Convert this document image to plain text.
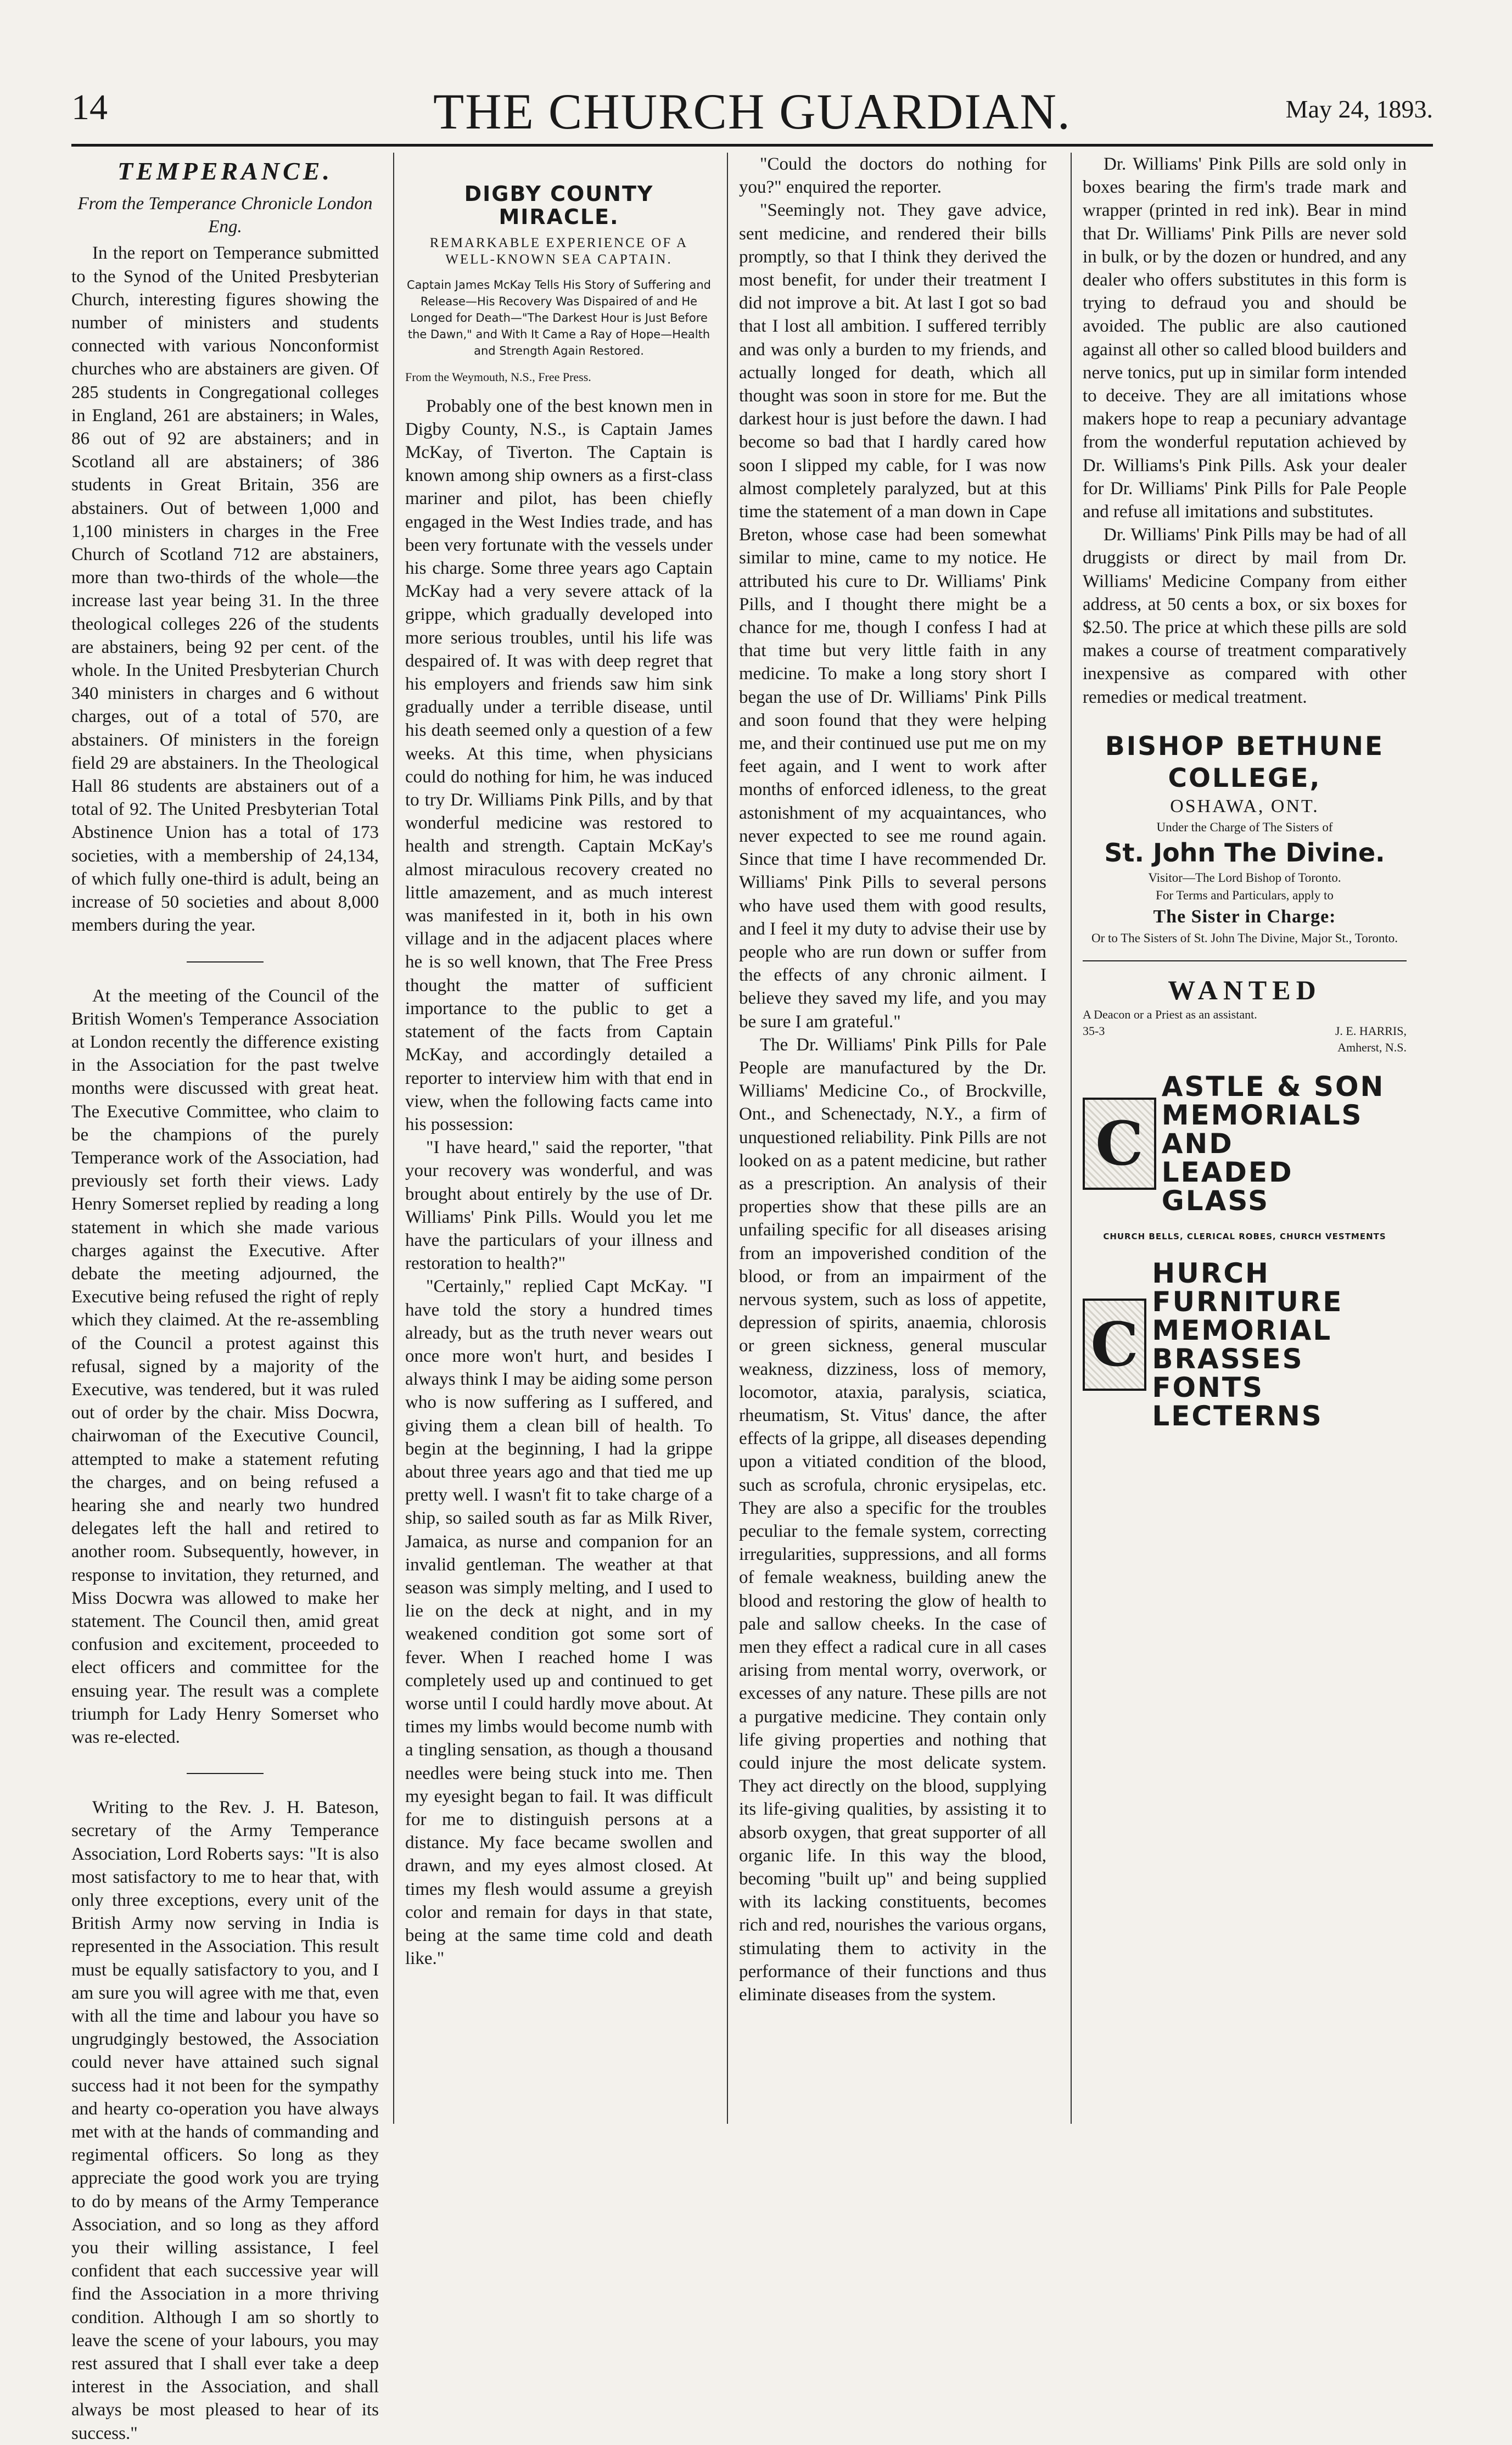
14	THE CHURCH GUARDIAN.	May 24, 1893.
TEMPERANCE.

From the Temperance Chronicle London Eng.

In the report on Temperance submitted to the Synod of the United Presbyterian Church, interesting figures showing the number of ministers and students connected with various Nonconformist churches who are abstainers are given. Of 285 students in Congregational colleges in England, 261 are abstainers; in Wales, 86 out of 92 are abstainers; and in Scotland all are abstainers; of 386 students in Great Britain, 356 are abstainers. Out of between 1,000 and 1,100 ministers in charges in the Free Church of Scotland 712 are abstainers, more than two-thirds of the whole—the increase last year being 31. In the three theological colleges 226 of the students are abstainers, being 92 per cent. of the whole. In the United Presbyterian Church 340 ministers in charges and 6 without charges, out of a total of 570, are abstainers. Of ministers in the foreign field 29 are abstainers. In the Theological Hall 86 students are abstainers out of a total of 92. The United Presbyterian Total Abstinence Union has a total of 173 societies, with a membership of 24,134, of which fully one-third is adult, being an increase of 50 societies and about 8,000 members during the year.

At the meeting of the Council of the British Women's Temperance Association at London recently the difference existing in the Association for the past twelve months were discussed with great heat. The Executive Committee, who claim to be the champions of the purely Temperance work of the Association, had previously set forth their views. Lady Henry Somerset replied by reading a long statement in which she made various charges against the Executive. After debate the meeting adjourned, the Executive being refused the right of reply which they claimed. At the re-assembling of the Council a protest against this refusal, signed by a majority of the Executive, was tendered, but it was ruled out of order by the chair. Miss Docwra, chairwoman of the Executive Council, attempted to make a statement refuting the charges, and on being refused a hearing she and nearly two hundred delegates left the hall and retired to another room. Subsequently, however, in response to invitation, they returned, and Miss Docwra was allowed to make her statement. The Council then, amid great confusion and excitement, proceeded to elect officers and committee for the ensuing year. The result was a complete triumph for Lady Henry Somerset who was re-elected.

Writing to the Rev. J. H. Bateson, secretary of the Army Temperance Association, Lord Roberts says: "It is also most satisfactory to me to hear that, with only three exceptions, every unit of the British Army now serving in India is represented in the Association. This result must be equally satisfactory to you, and I am sure you will agree with me that, even with all the time and labour you have so ungrudgingly bestowed, the Association could never have attained such signal success had it not been for the sympathy and hearty co-operation you have always met with at the hands of commanding and regimental officers. So long as they appreciate the good work you are trying to do by means of the Army Temperance Association, and so long as they afford you their willing assistance, I feel confident that each successive year will find the Association in a more thriving condition. Although I am so shortly to leave the scene of your labours, you may rest assured that I shall ever take a deep interest in the Association, and shall always be most pleased to hear of its success."

DIGBY COUNTY MIRACLE.
REMARKABLE EXPERIENCE OF A WELL-KNOWN SEA CAPTAIN.
Captain James McKay Tells His Story of Suffering and Release—His Recovery Was Dispaired of and He Longed for Death—"The Darkest Hour is Just Before the Dawn," and With It Came a Ray of Hope—Health and Strength Again Restored.
From the Weymouth, N.S., Free Press.

Probably one of the best known men in Digby County, N.S., is Captain James McKay, of Tiverton. The Captain is known among ship owners as a first-class mariner and pilot, has been chiefly engaged in the West Indies trade, and has been very fortunate with the vessels under his charge. Some three years ago Captain McKay had a very severe attack of la grippe, which gradually developed into more serious troubles, until his life was despaired of. It was with deep regret that his employers and friends saw him sink gradually under a terrible disease, until his death seemed only a question of a few weeks. At this time, when physicians could do nothing for him, he was induced to try Dr. Williams Pink Pills, and by that wonderful medicine was restored to health and strength. Captain McKay's almost miraculous recovery created no little amazement, and as much interest was manifested in it, both in his own village and in the adjacent places where he is so well known, that The Free Press thought the matter of sufficient importance to the public to get a statement of the facts from Captain McKay, and accordingly detailed a reporter to interview him with that end in view, when the following facts came into his possession:

"I have heard," said the reporter, "that your recovery was wonderful, and was brought about entirely by the use of Dr. Williams' Pink Pills. Would you let me have the particulars of your illness and restoration to health?"

"Certainly," replied Capt McKay. "I have told the story a hundred times already, but as the truth never wears out once more won't hurt, and besides I always think I may be aiding some person who is now suffering as I suffered, and giving them a clean bill of health. To begin at the beginning, I had la grippe about three years ago and that tied me up pretty well. I wasn't fit to take charge of a ship, so sailed south as far as Milk River, Jamaica, as nurse and companion for an invalid gentleman. The weather at that season was simply melting, and I used to lie on the deck at night, and in my weakened condition got some sort of fever. When I reached home I was completely used up and continued to get worse until I could hardly move about. At times my limbs would become numb with a tingling sensation, as though a thousand needles were being stuck into me. Then my eyesight began to fail. It was difficult for me to distinguish persons at a distance. My face became swollen and drawn, and my eyes almost closed. At times my flesh would assume a greyish color and remain for days in that state, being at the same time cold and death like."

"Could the doctors do nothing for you?" enquired the reporter.

"Seemingly not. They gave advice, sent medicine, and rendered their bills promptly, so that I think they derived the most benefit, for under their treatment I did not improve a bit. At last I got so bad that I lost all ambition. I suffered terribly and was only a burden to my friends, and actually longed for death, which all thought was soon in store for me. But the darkest hour is just before the dawn. I had become so bad that I hardly cared how soon I slipped my cable, for I was now almost completely paralyzed, but at this time the statement of a man down in Cape Breton, whose case had been somewhat similar to mine, came to my notice. He attributed his cure to Dr. Williams' Pink Pills, and I thought there might be a chance for me, though I confess I had at that time but very little faith in any medicine. To make a long story short I began the use of Dr. Williams' Pink Pills and soon found that they were helping me, and their continued use put me on my feet again, and I went to work after months of enforced idleness, to the great astonishment of my acquaintances, who never expected to see me round again. Since that time I have recommended Dr. Williams' Pink Pills to several persons who have used them with good results, and I feel it my duty to advise their use by people who are run down or suffer from the effects of any chronic ailment. I believe they saved my life, and you may be sure I am grateful."

The Dr. Williams' Pink Pills for Pale People are manufactured by the Dr. Williams' Medicine Co., of Brockville, Ont., and Schenectady, N.Y., a firm of unquestioned reliability. Pink Pills are not looked on as a patent medicine, but rather as a prescription. An analysis of their properties show that these pills are an unfailing specific for all diseases arising from an impoverished condition of the blood, or from an impairment of the nervous system, such as loss of appetite, depression of spirits, anaemia, chlorosis or green sickness, general muscular weakness, dizziness, loss of memory, locomotor, ataxia, paralysis, sciatica, rheumatism, St. Vitus' dance, the after effects of la grippe, all diseases depending upon a vitiated condition of the blood, such as scrofula, chronic erysipelas, etc. They are also a specific for the troubles peculiar to the female system, correcting irregularities, suppressions, and all forms of female weakness, building anew the blood and restoring the glow of health to pale and sallow cheeks. In the case of men they effect a radical cure in all cases arising from mental worry, overwork, or excesses of any nature. These pills are not a purgative medicine. They contain only life giving properties and nothing that could injure the most delicate system. They act directly on the blood, supplying its life-giving qualities, by assisting it to absorb oxygen, that great supporter of all organic life. In this way the blood, becoming "built up" and being supplied with its lacking constituents, becomes rich and red, nourishes the various organs, stimulating them to activity in the performance of their functions and thus eliminate diseases from the system.

Dr. Williams' Pink Pills are sold only in boxes bearing the firm's trade mark and wrapper (printed in red ink). Bear in mind that Dr. Williams' Pink Pills are never sold in bulk, or by the dozen or hundred, and any dealer who offers substitutes in this form is trying to defraud you and should be avoided. The public are also cautioned against all other so called blood builders and nerve tonics, put up in similar form intended to deceive. They are all imitations whose makers hope to reap a pecuniary advantage from the wonderful reputation achieved by Dr. Williams's Pink Pills. Ask your dealer for Dr. Williams' Pink Pills for Pale People and refuse all imitations and substitutes.

Dr. Williams' Pink Pills may be had of all druggists or direct by mail from Dr. Williams' Medicine Company from either address, at 50 cents a box, or six boxes for $2.50. The price at which these pills are sold makes a course of treatment comparatively inexpensive as compared with other remedies or medical treatment.

BISHOP BETHUNE COLLEGE,
OSHAWA, ONT.
Under the Charge of The Sisters of
St. John The Divine.
Visitor—The Lord Bishop of Toronto.
For Terms and Particulars, apply to
The Sister in Charge:
Or to The Sisters of St. John The Divine, Major St., Toronto.
WANTED
A Deacon or a Priest as an assistant.
35-3	J. E. HARRIS,
Amherst, N.S.
C
ASTLE & SON
MEMORIALS AND
LEADED GLASS
CHURCH BELLS, CLERICAL ROBES, CHURCH VESTMENTS
C
HURCH FURNITURE
MEMORIAL BRASSES
FONTS LECTERNS
